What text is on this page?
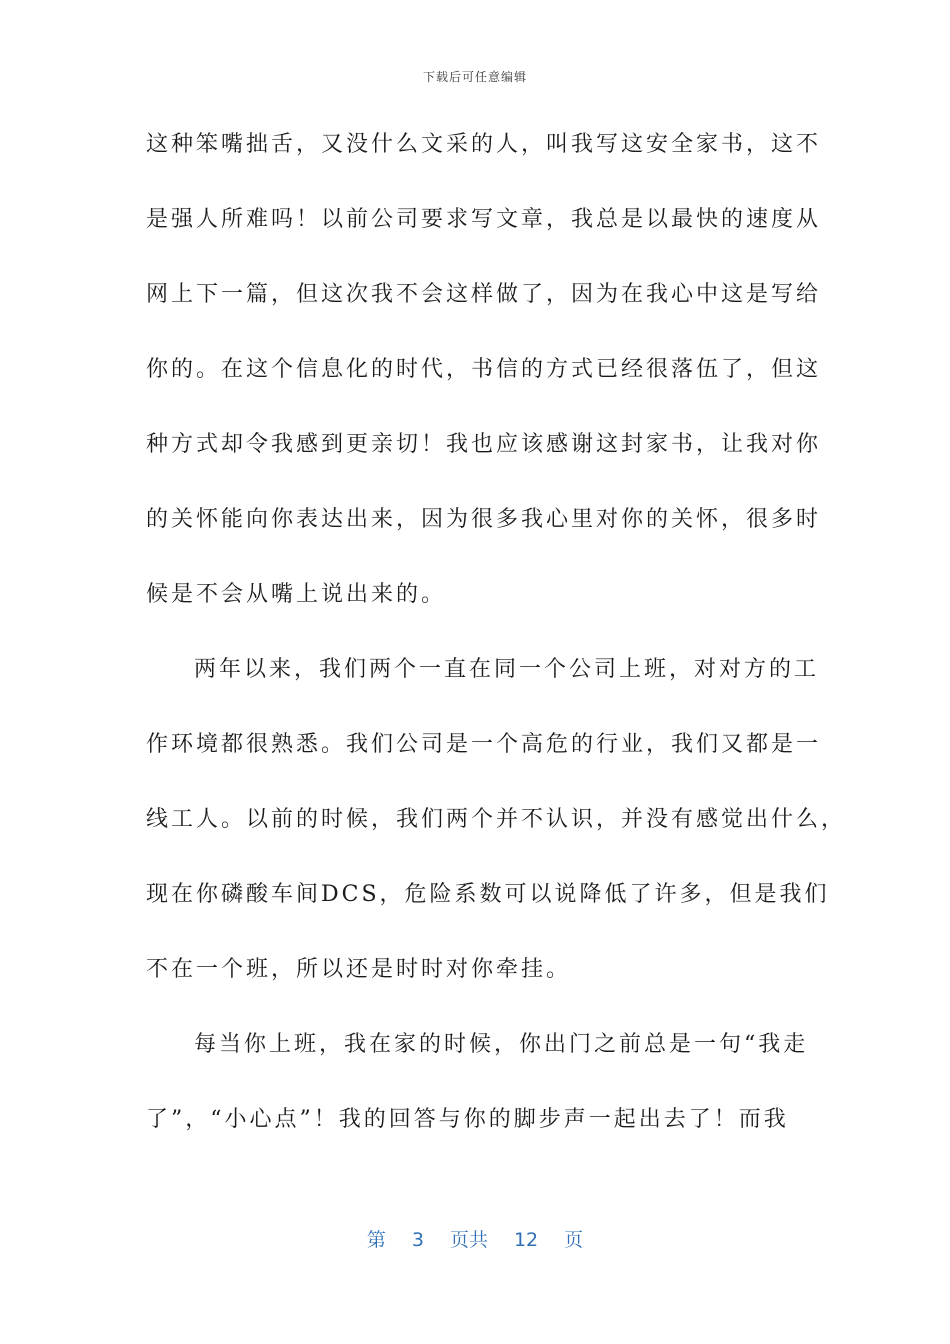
下载后可任意编辑
这种笨嘴拙舌，又没什么文采的人，叫我写这安全家书，这不
是强人所难吗！以前公司要求写文章，我总是以最快的速度从
网上下一篇，但这次我不会这样做了，因为在我心中这是写给
你的。在这个信息化的时代，书信的方式已经很落伍了，但这
种方式却令我感到更亲切！我也应该感谢这封家书，让我对你
的关怀能向你表达出来，因为很多我心里对你的关怀，很多时
候是不会从嘴上说出来的。
两年以来，我们两个一直在同一个公司上班，对对方的工
作环境都很熟悉。我们公司是一个高危的行业，我们又都是一
线工人。以前的时候，我们两个并不认识，并没有感觉出什么，
现在你磷酸车间DCS，危险系数可以说降低了许多，但是我们
不在一个班，所以还是时时对你牵挂。
每当你上班，我在家的时候，你出门之前总是一句“我走
了”，“小心点”！我的回答与你的脚步声一起出去了！而我
第 3 页共 12 页
